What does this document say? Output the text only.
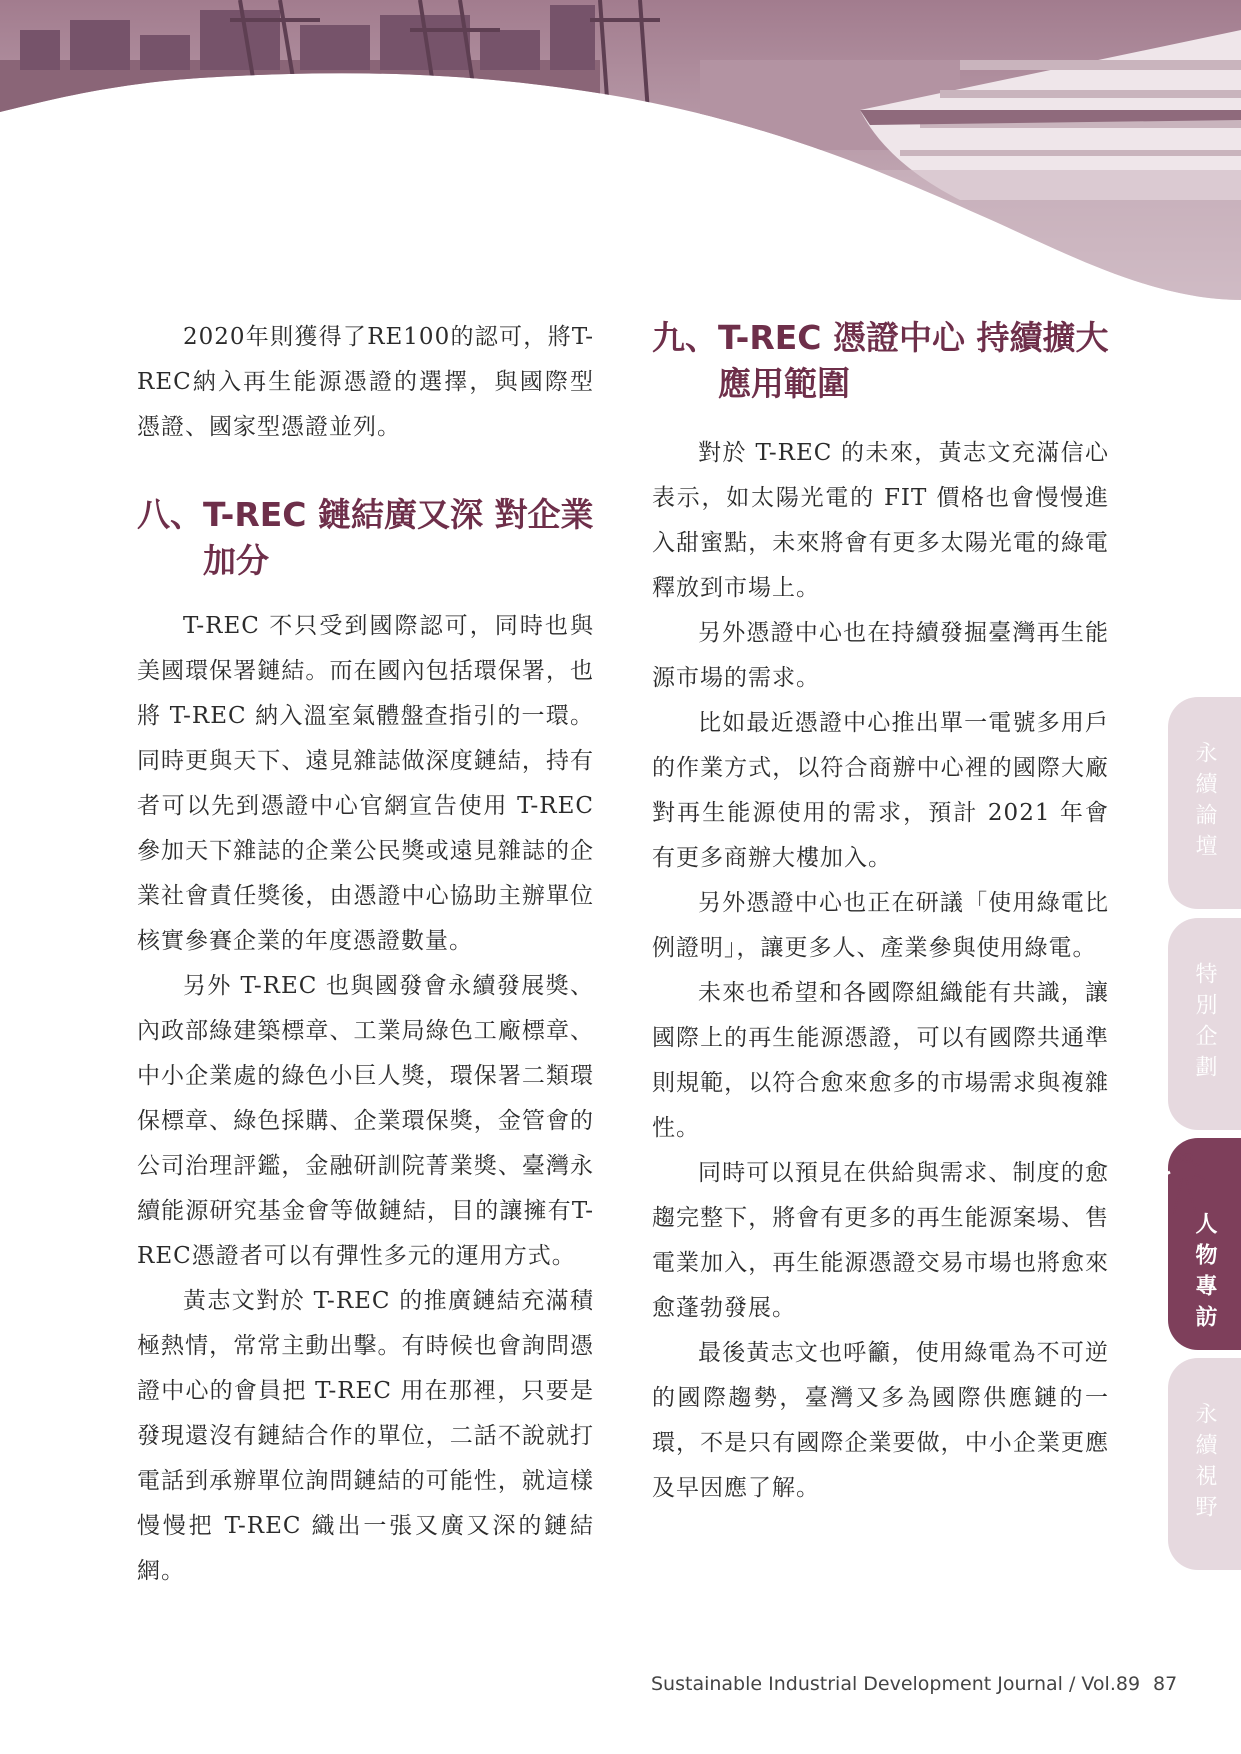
2020年則獲得了RE100的認可，將T-REC納入再生能源憑證的選擇，與國際型憑證、國家型憑證並列。

八、T-REC 鏈結廣又深 對企業
加分

T-REC 不只受到國際認可，同時也與美國環保署鏈結。而在國內包括環保署，也將 T-REC 納入溫室氣體盤查指引的一環。同時更與天下、遠見雜誌做深度鏈結，持有者可以先到憑證中心官網宣告使用 T-REC 參加天下雜誌的企業公民獎或遠見雜誌的企業社會責任獎後，由憑證中心協助主辦單位核實參賽企業的年度憑證數量。

另外 T-REC 也與國發會永續發展獎、內政部綠建築標章、工業局綠色工廠標章、中小企業處的綠色小巨人獎，環保署二類環保標章、綠色採購、企業環保獎，金管會的公司治理評鑑，金融研訓院菁業獎、臺灣永續能源研究基金會等做鏈結，目的讓擁有T-REC憑證者可以有彈性多元的運用方式。

黃志文對於 T-REC 的推廣鏈結充滿積極熱情，常常主動出擊。有時候也會詢問憑證中心的會員把 T-REC 用在那裡，只要是發現還沒有鏈結合作的單位，二話不說就打電話到承辦單位詢問鏈結的可能性，就這樣慢慢把 T-REC 織出一張又廣又深的鏈結網。

九、T-REC 憑證中心 持續擴大
應用範圍

對於 T-REC 的未來，黃志文充滿信心表示，如太陽光電的 FIT 價格也會慢慢進入甜蜜點，未來將會有更多太陽光電的綠電釋放到市場上。

另外憑證中心也在持續發掘臺灣再生能源市場的需求。

比如最近憑證中心推出單一電號多用戶的作業方式，以符合商辦中心裡的國際大廠對再生能源使用的需求，預計 2021 年會有更多商辦大樓加入。

另外憑證中心也正在研議「使用綠電比例證明」，讓更多人、產業參與使用綠電。

未來也希望和各國際組織能有共識，讓國際上的再生能源憑證，可以有國際共通準則規範，以符合愈來愈多的市場需求與複雜性。

同時可以預見在供給與需求、制度的愈趨完整下，將會有更多的再生能源案場、售電業加入，再生能源憑證交易市場也將愈來愈蓬勃發展。

最後黃志文也呼籲，使用綠電為不可逆的國際趨勢，臺灣又多為國際供應鏈的一環，不是只有國際企業要做，中小企業更應及早因應了解。

永續論壇
特別企劃
人物專訪
永續視野
Sustainable Industrial Development Journal / Vol.89 87
